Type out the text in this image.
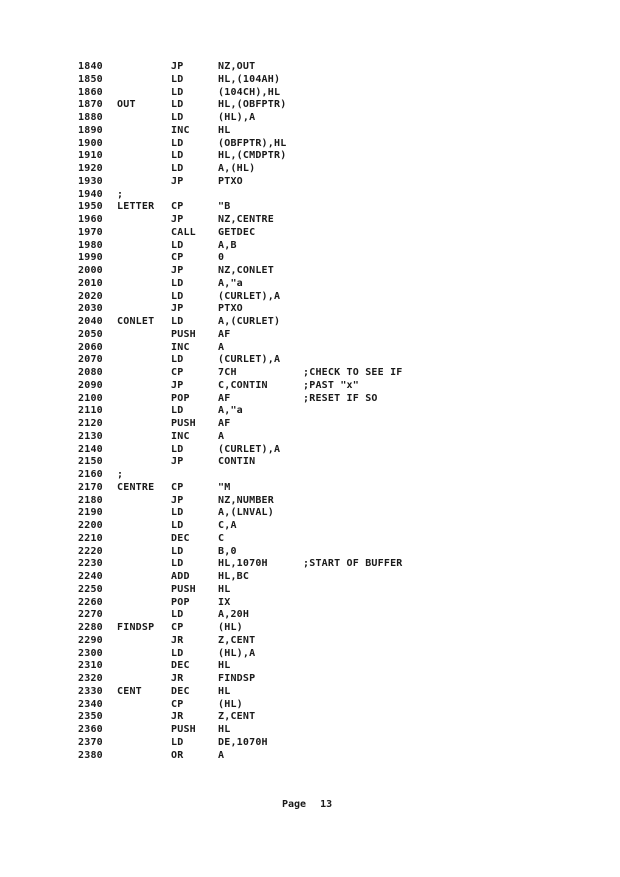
1840	JP	NZ,OUT
1850	LD	HL,(104AH)
1860	LD	(104CH),HL
1870 OUT	LD	HL,(OBFPTR)
1880	LD	(HL),A
1890	INC	HL
1900	LD	(OBFPTR),HL
1910	LD	HL,(CMDPTR)
1920	LD	A,(HL)
1930	JP	PTXO
1940 ;
1950 LETTER CP	"B
1960	JP	NZ,CENTRE
1970	CALL GETDEC
1980	LD	A,B
1990	CP	0
2000	JP	NZ,CONLET
2010	LD	A,"a
2020	LD	(CURLET),A
2030	JP	PTXO
2040 CONLET LD	A,(CURLET)
2050	PUSH AF
2060	INC	A
2070	LD	(CURLET),A
2080	CP	7CH	;CHECK TO SEE IF
2090	JP	C,CONTIN	;PAST "x"
2100	POP	AF	;RESET IF SO
2110	LD	A,"a
2120	PUSH AF
2130	INC	A
2140	LD	(CURLET),A
2150	JP	CONTIN
2160 ;
2170 CENTRE CP	"M
2180	JP	NZ,NUMBER
2190	LD	A,(LNVAL)
2200	LD	C,A
2210	DEC	C
2220	LD	B,0
2230	LD	HL,1070H	;START OF BUFFER
2240	ADD	HL,BC
2250	PUSH HL
2260	POP	IX
2270	LD	A,20H
2280 FINDSP CP	(HL)
2290	JR	Z,CENT
2300	LD	(HL),A
2310	DEC	HL
2320	JR	FINDSP
2330 CENT	DEC	HL
2340	CP	(HL)
2350	JR	Z,CENT
2360	PUSH HL
2370	LD	DE,1070H
2380	OR	A
Page 13
